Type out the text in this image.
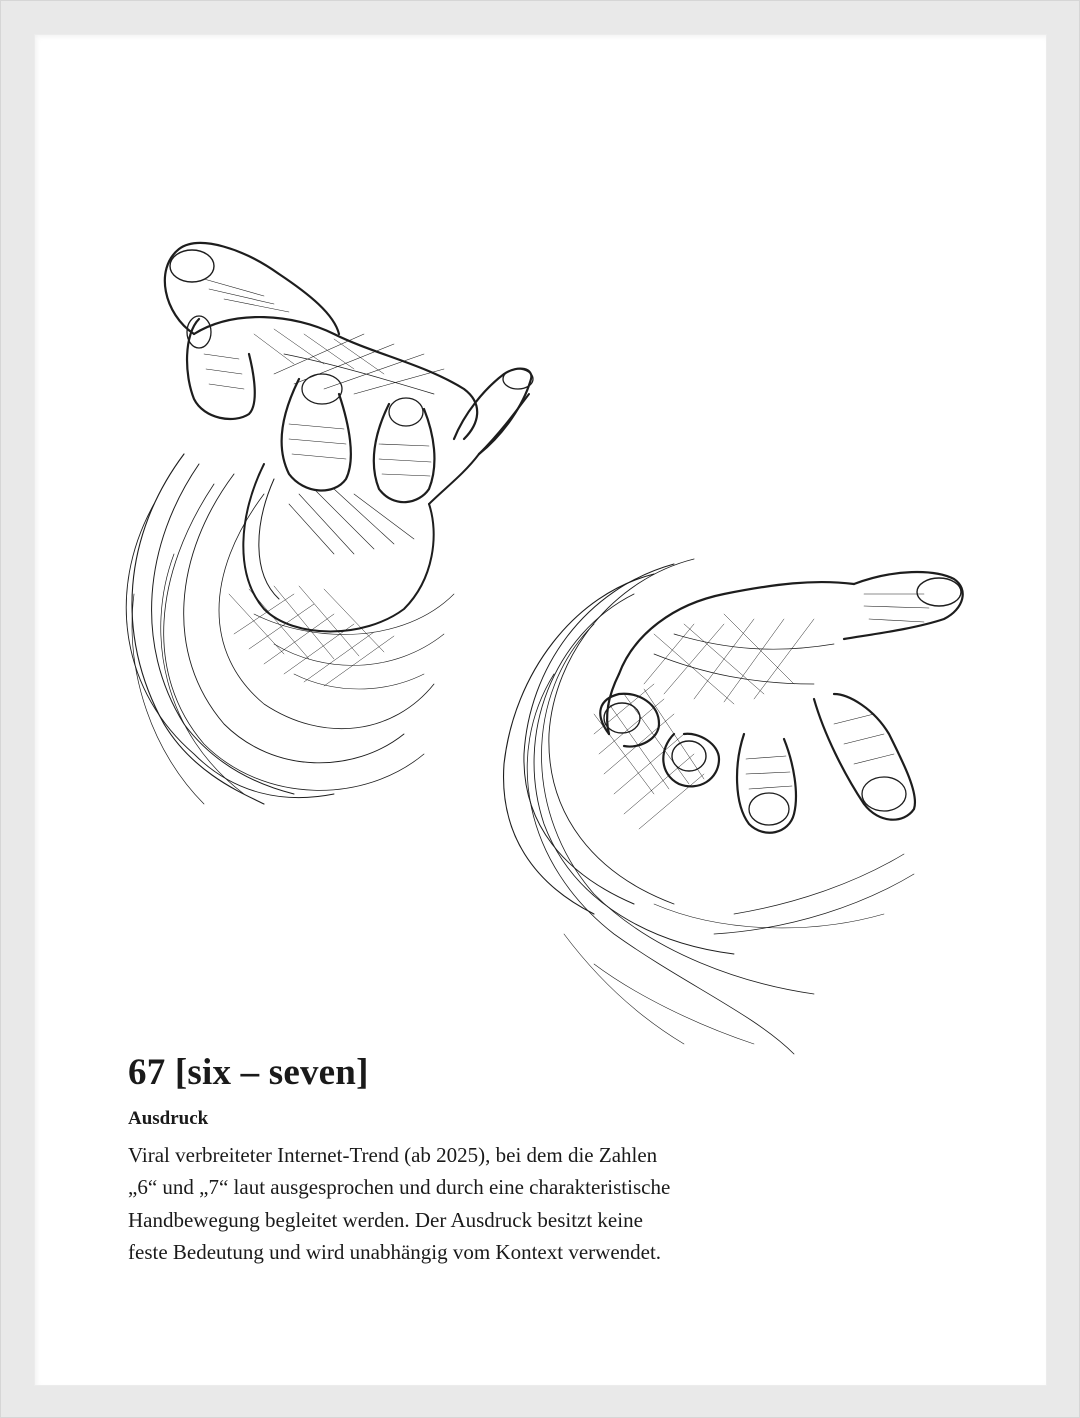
67 [six – seven]
Ausdruck

Viral verbreiteter Internet-Trend (ab 2025), bei dem die Zahlen
„6“ und „7“ laut ausgesprochen und durch eine charakteristische
Handbewegung begleitet werden. Der Ausdruck besitzt keine
feste Bedeutung und wird unabhängig vom Kontext verwendet.
